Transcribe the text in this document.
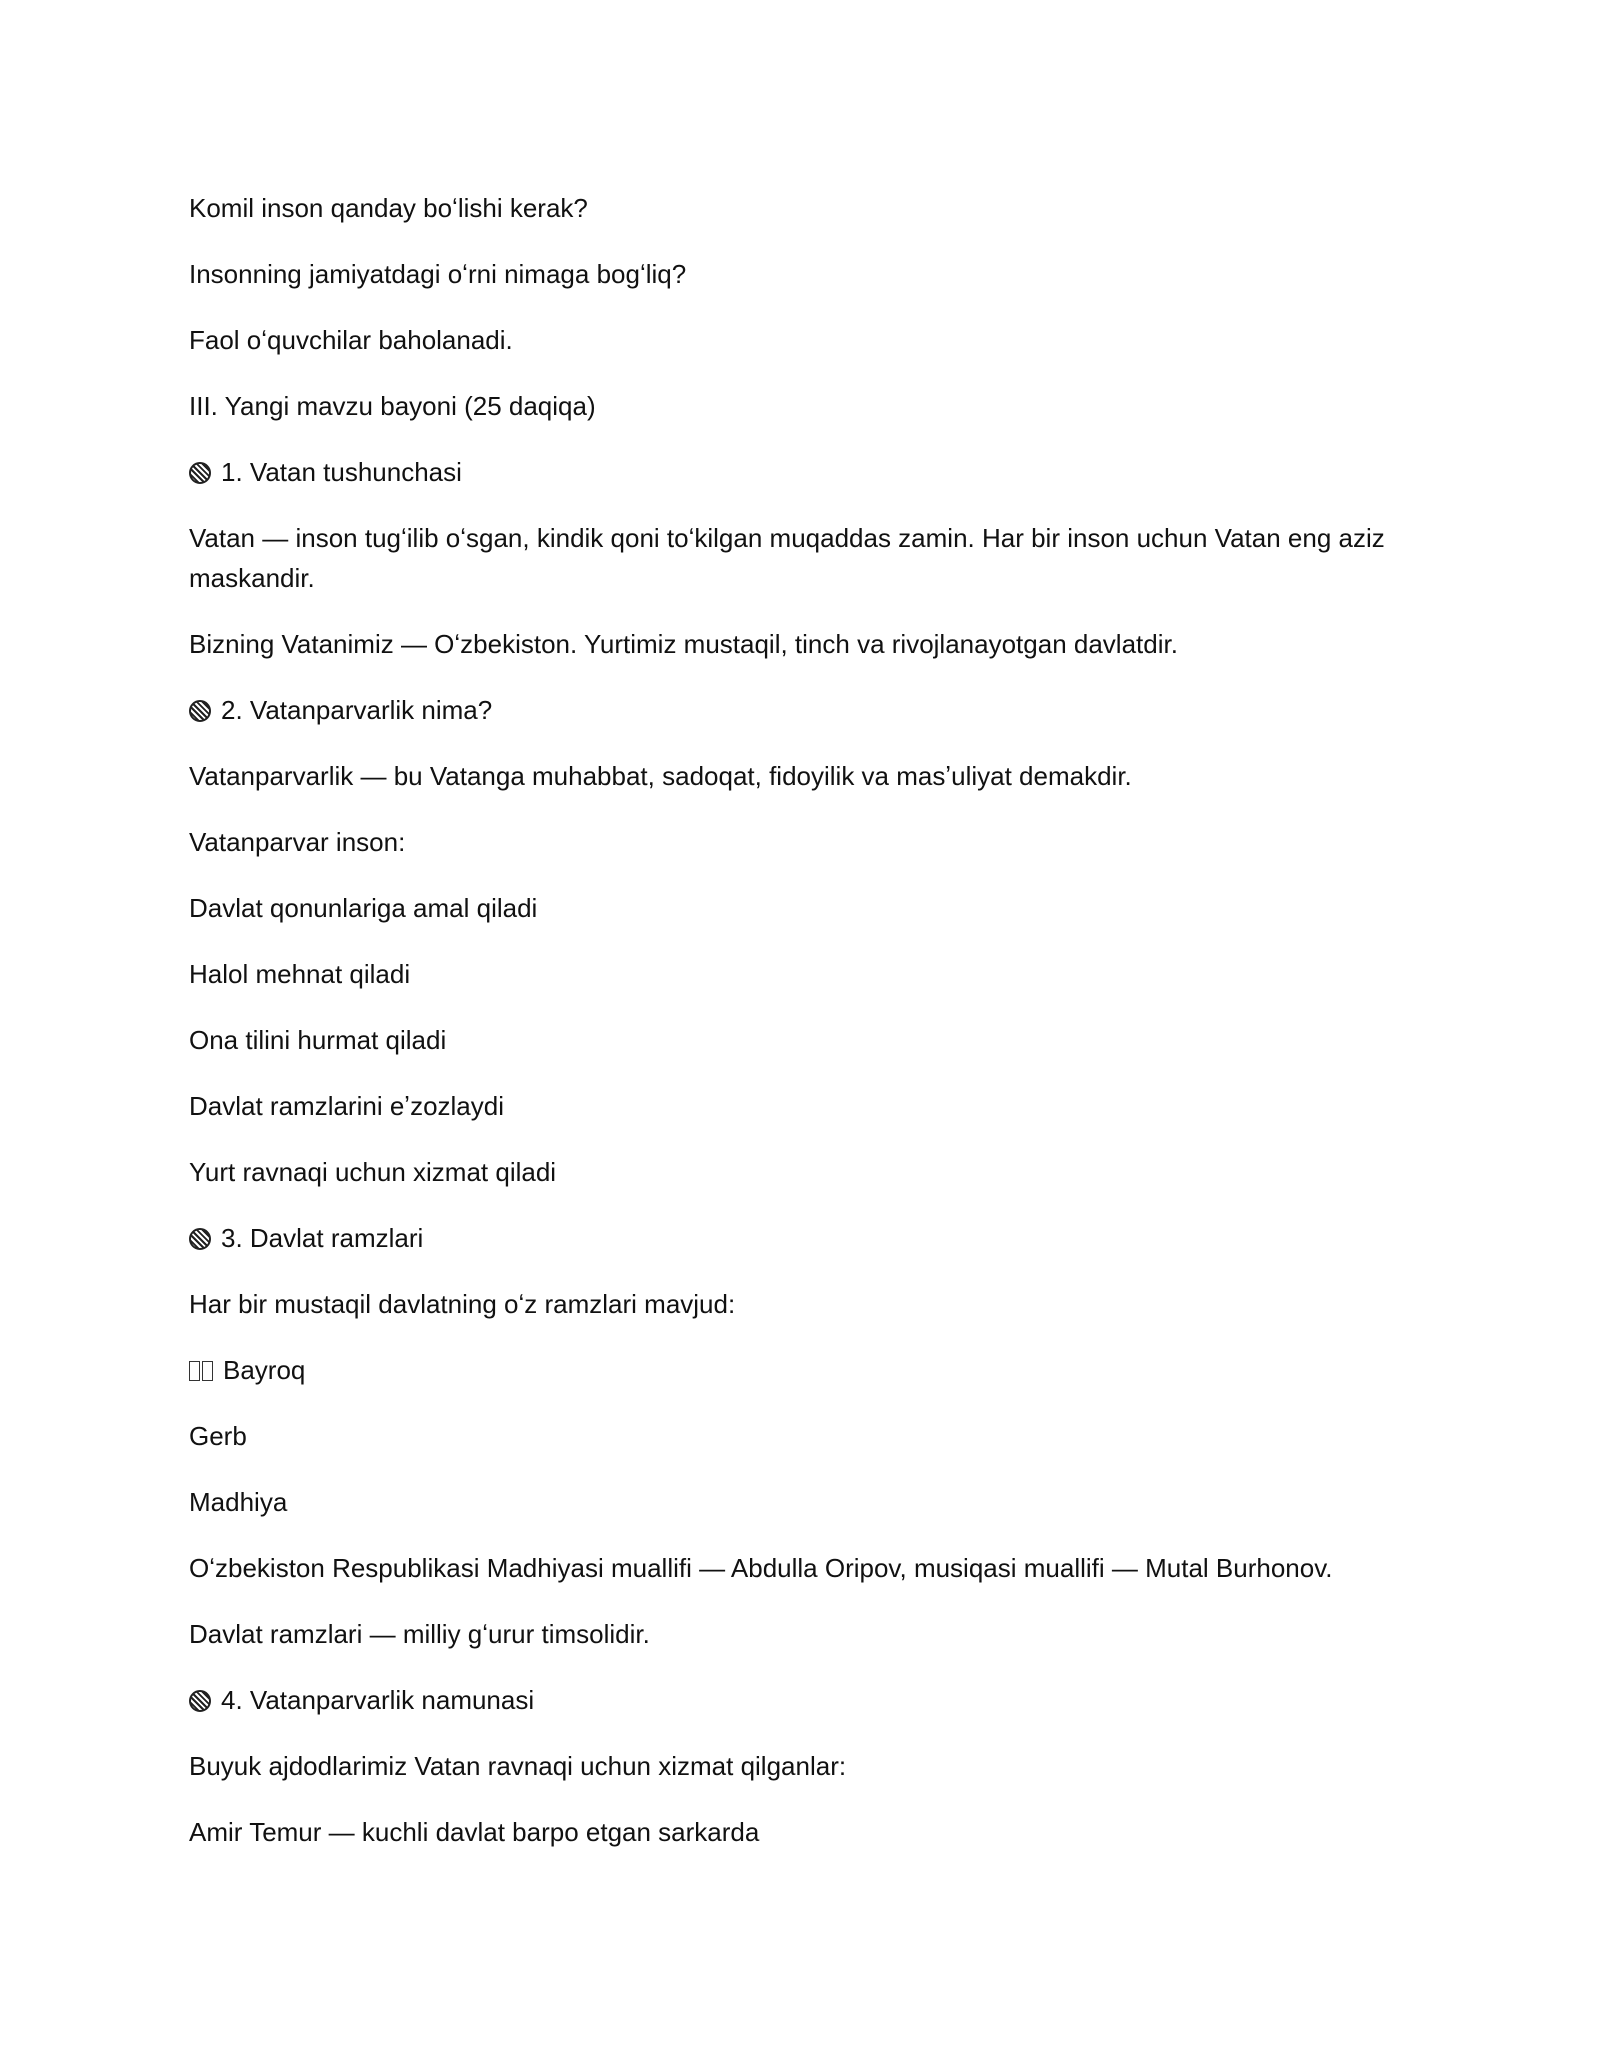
Komil inson qanday boʻlishi kerak?

Insonning jamiyatdagi oʻrni nimaga bogʻliq?

Faol oʻquvchilar baholanadi.

III. Yangi mavzu bayoni (25 daqiqa)

1. Vatan tushunchasi

Vatan — inson tugʻilib oʻsgan, kindik qoni toʻkilgan muqaddas zamin. Har bir inson uchun Vatan eng aziz maskandir.

Bizning Vatanimiz — Oʻzbekiston. Yurtimiz mustaqil, tinch va rivojlanayotgan davlatdir.

2. Vatanparvarlik nima?

Vatanparvarlik — bu Vatanga muhabbat, sadoqat, fidoyilik va masʼuliyat demakdir.

Vatanparvar inson:

Davlat qonunlariga amal qiladi

Halol mehnat qiladi

Ona tilini hurmat qiladi

Davlat ramzlarini eʼzozlaydi

Yurt ravnaqi uchun xizmat qiladi

3. Davlat ramzlari

Har bir mustaqil davlatning oʻz ramzlari mavjud:

Bayroq

Gerb

Madhiya

Oʻzbekiston Respublikasi Madhiyasi muallifi — Abdulla Oripov, musiqasi muallifi — Mutal Burhonov.

Davlat ramzlari — milliy gʻurur timsolidir.

4. Vatanparvarlik namunasi

Buyuk ajdodlarimiz Vatan ravnaqi uchun xizmat qilganlar:

Amir Temur — kuchli davlat barpo etgan sarkarda
